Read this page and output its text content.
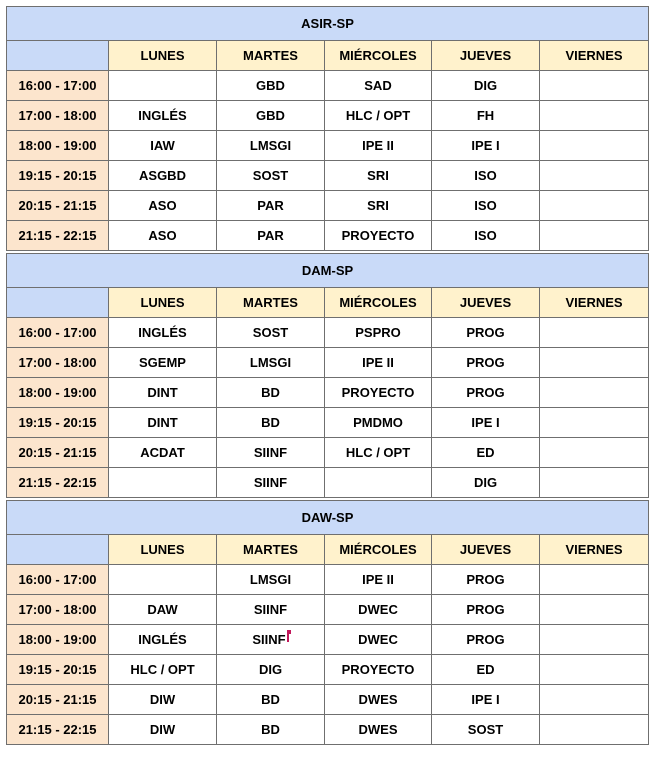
ASIR-SP					
	LUNES	MARTES	MIÉRCOLES	JUEVES	VIERNES
16:00 - 17:00		GBD	SAD	DIG	
17:00 - 18:00	INGLÉS	GBD	HLC / OPT	FH	
18:00 - 19:00	IAW	LMSGI	IPE II	IPE I	
19:15 - 20:15	ASGBD	SOST	SRI	ISO	
20:15 - 21:15	ASO	PAR	SRI	ISO	
21:15 - 22:15	ASO	PAR	PROYECTO	ISO	
DAM-SP					
	LUNES	MARTES	MIÉRCOLES	JUEVES	VIERNES
16:00 - 17:00	INGLÉS	SOST	PSPRO	PROG	
17:00 - 18:00	SGEMP	LMSGI	IPE II	PROG	
18:00 - 19:00	DINT	BD	PROYECTO	PROG	
19:15 - 20:15	DINT	BD	PMDMO	IPE I	
20:15 - 21:15	ACDAT	SIINF	HLC / OPT	ED	
21:15 - 22:15		SIINF		DIG	
DAW-SP					
	LUNES	MARTES	MIÉRCOLES	JUEVES	VIERNES
16:00 - 17:00		LMSGI	IPE II	PROG	
17:00 - 18:00	DAW	SIINF	DWEC	PROG	
18:00 - 19:00	INGLÉS	SIINF	DWEC	PROG	
19:15 - 20:15	HLC / OPT	DIG	PROYECTO	ED	
20:15 - 21:15	DIW	BD	DWES	IPE I	
21:15 - 22:15	DIW	BD	DWES	SOST	
